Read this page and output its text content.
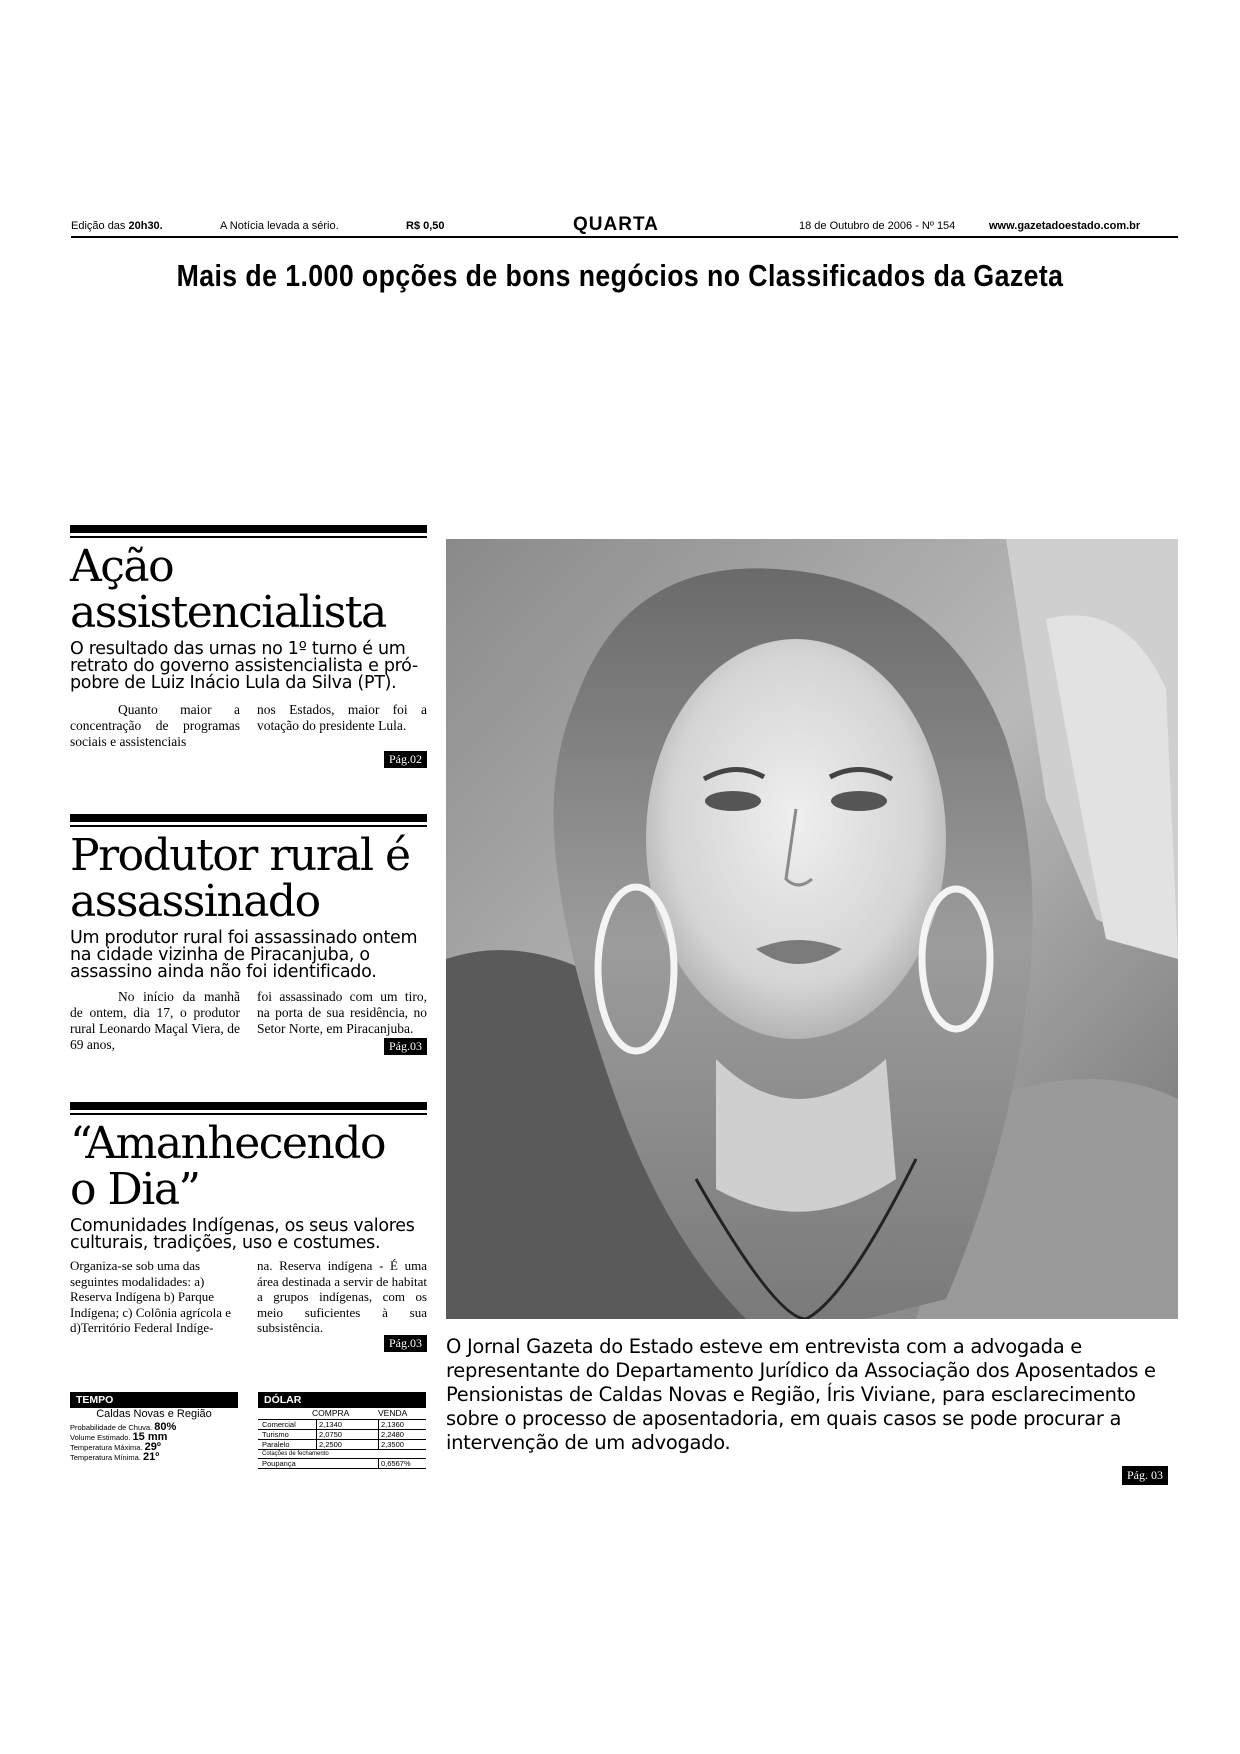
Edição das 20h30.	A Notícia levada a sério.	R$ 0,50	QUARTA	18 de Outubro de 2006 - Nº 154	www.gazetadoestado.com.br
Mais de 1.000 opções de bons negócios no Classificados da Gazeta
Ação
assistencialista
O resultado das urnas no 1º turno é um retrato do governo assistencialista e pró-pobre de Luiz Inácio Lula da Silva (PT).
Quanto maior a concentração de programas sociais e assistenciais
nos Estados, maior foi a votação do presidente Lula.
Pág.02
Produtor rural é
assassinado
Um produtor rural foi assassinado ontem na cidade vizinha de Piracanjuba, o assassino ainda não foi identificado.
No início da manhã de ontem, dia 17, o produtor rural Leonardo Maçal Viera, de 69 anos,
foi assassinado com um tiro, na porta de sua residência, no Setor Norte, em Piracanjuba.
Pág.03
“Amanhecendo
o Dia”
Comunidades Indígenas, os seus valores culturais, tradições, uso e costumes.
Organiza-se sob uma das seguintes modalidades: a) Reserva Indígena b) Parque Indígena; c) Colônia agrícola e d)Território Federal Indíge-
na. Reserva indígena - É uma área destinada a servir de habitat a grupos indígenas, com os meio suficientes à sua subsistência.
Pág.03
TEMPO
Caldas Novas e Região
Probabilidade de Chuva. 80%
Volume Estimado. 15 mm
Temperatura Máxima. 29º
Temperatura Mínima. 21º
DÓLAR
COMPRA	VENDA
Comercial	2,1340	2,1360
Turismo	2,0750	2,2480
Paralelo	2,2500	2,3500
Cotações de fechamento
Poupança	0,6567%
O Jornal Gazeta do Estado esteve em entrevista com a advogada e representante do Departamento Jurídico da Associação dos Aposentados e Pensionistas de Caldas Novas e Região, Íris Viviane, para esclarecimento sobre o processo de aposentadoria, em quais casos se pode procurar a intervenção de um advogado.
Pág. 03
